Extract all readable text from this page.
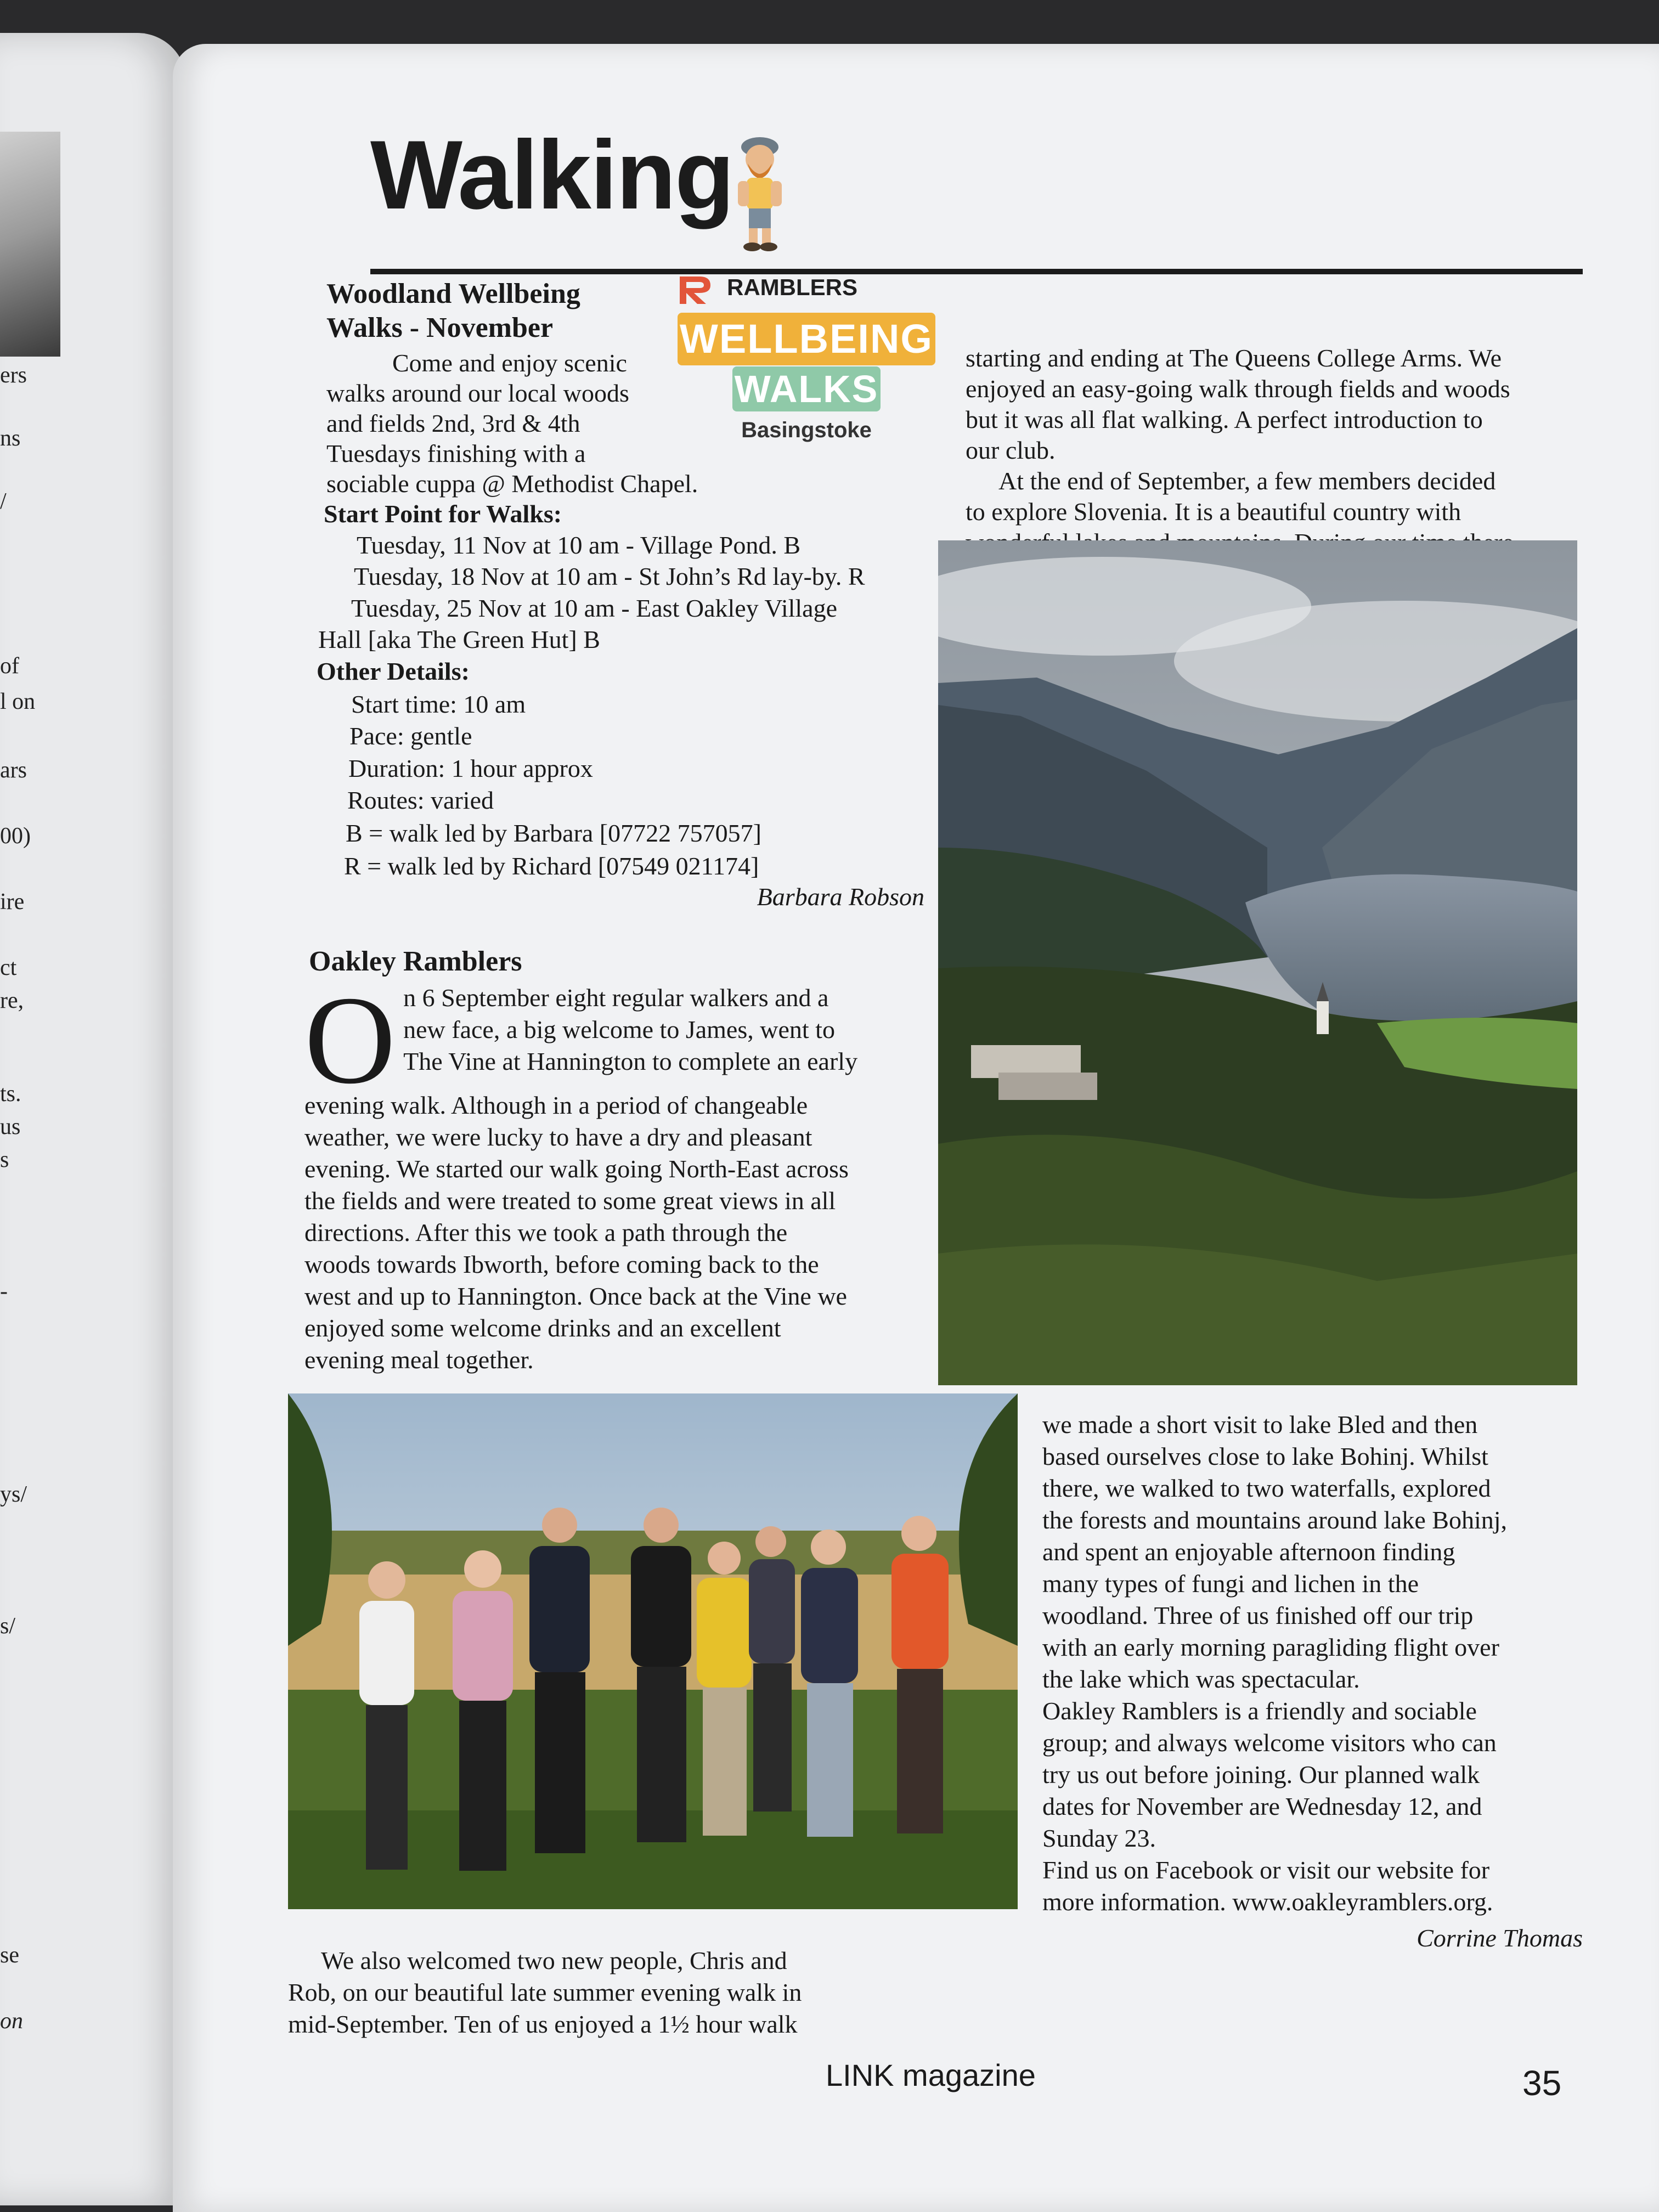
ers
ns
/
of
l on
ars
00)
ire
ct
re,
ts.
us
s
-
ys/
s/
se
on
Walking
RAMBLERS
WELLBEING
WALKS
Basingstoke
Woodland Wellbeing
Walks - November
Come and enjoy scenic
walks around our local woods
and fields 2nd, 3rd & 4th
Tuesdays finishing with a
sociable cuppa @ Methodist Chapel.
Start Point for Walks:
Tuesday, 11 Nov at 10 am - Village Pond. B
Tuesday, 18 Nov at 10 am - St John’s Rd lay-by. R
Tuesday, 25 Nov at 10 am - East Oakley Village
Hall [aka The Green Hut] B
Other Details:
Start time: 10 am
Pace: gentle
Duration: 1 hour approx
Routes: varied
B = walk led by Barbara [07722 757057]
R = walk led by Richard [07549 021174]
Barbara Robson
Oakley Ramblers
O n 6 September eight regular walkers and a
new face, a big welcome to James, went to
The Vine at Hannington to complete an early
evening walk. Although in a period of changeable
weather, we were lucky to have a dry and pleasant
evening. We started our walk going North-East across
the fields and were treated to some great views in all
directions. After this we took a path through the
woods towards Ibworth, before coming back to the
west and up to Hannington. Once back at the Vine we
enjoyed some welcome drinks and an excellent
evening meal together.
starting and ending at The Queens College Arms. We
enjoyed an easy-going walk through fields and woods
but it was all flat walking. A perfect introduction to
our club.
At the end of September, a few members decided
to explore Slovenia. It is a beautiful country with
we made a short visit to lake Bled and then
based ourselves close to lake Bohinj. Whilst
there, we walked to two waterfalls, explored
the forests and mountains around lake Bohinj,
and spent an enjoyable afternoon finding
many types of fungi and lichen in the
woodland. Three of us finished off our trip
with an early morning paragliding flight over
the lake which was spectacular.
Oakley Ramblers is a friendly and sociable
group; and always welcome visitors who can
try us out before joining. Our planned walk
dates for November are Wednesday 12, and
Sunday 23.
Find us on Facebook or visit our website for
more information. www.oakleyramblers.org.
Corrine Thomas
We also welcomed two new people, Chris and
Rob, on our beautiful late summer evening walk in
mid-September. Ten of us enjoyed a 1½ hour walk
LINK magazine	35
